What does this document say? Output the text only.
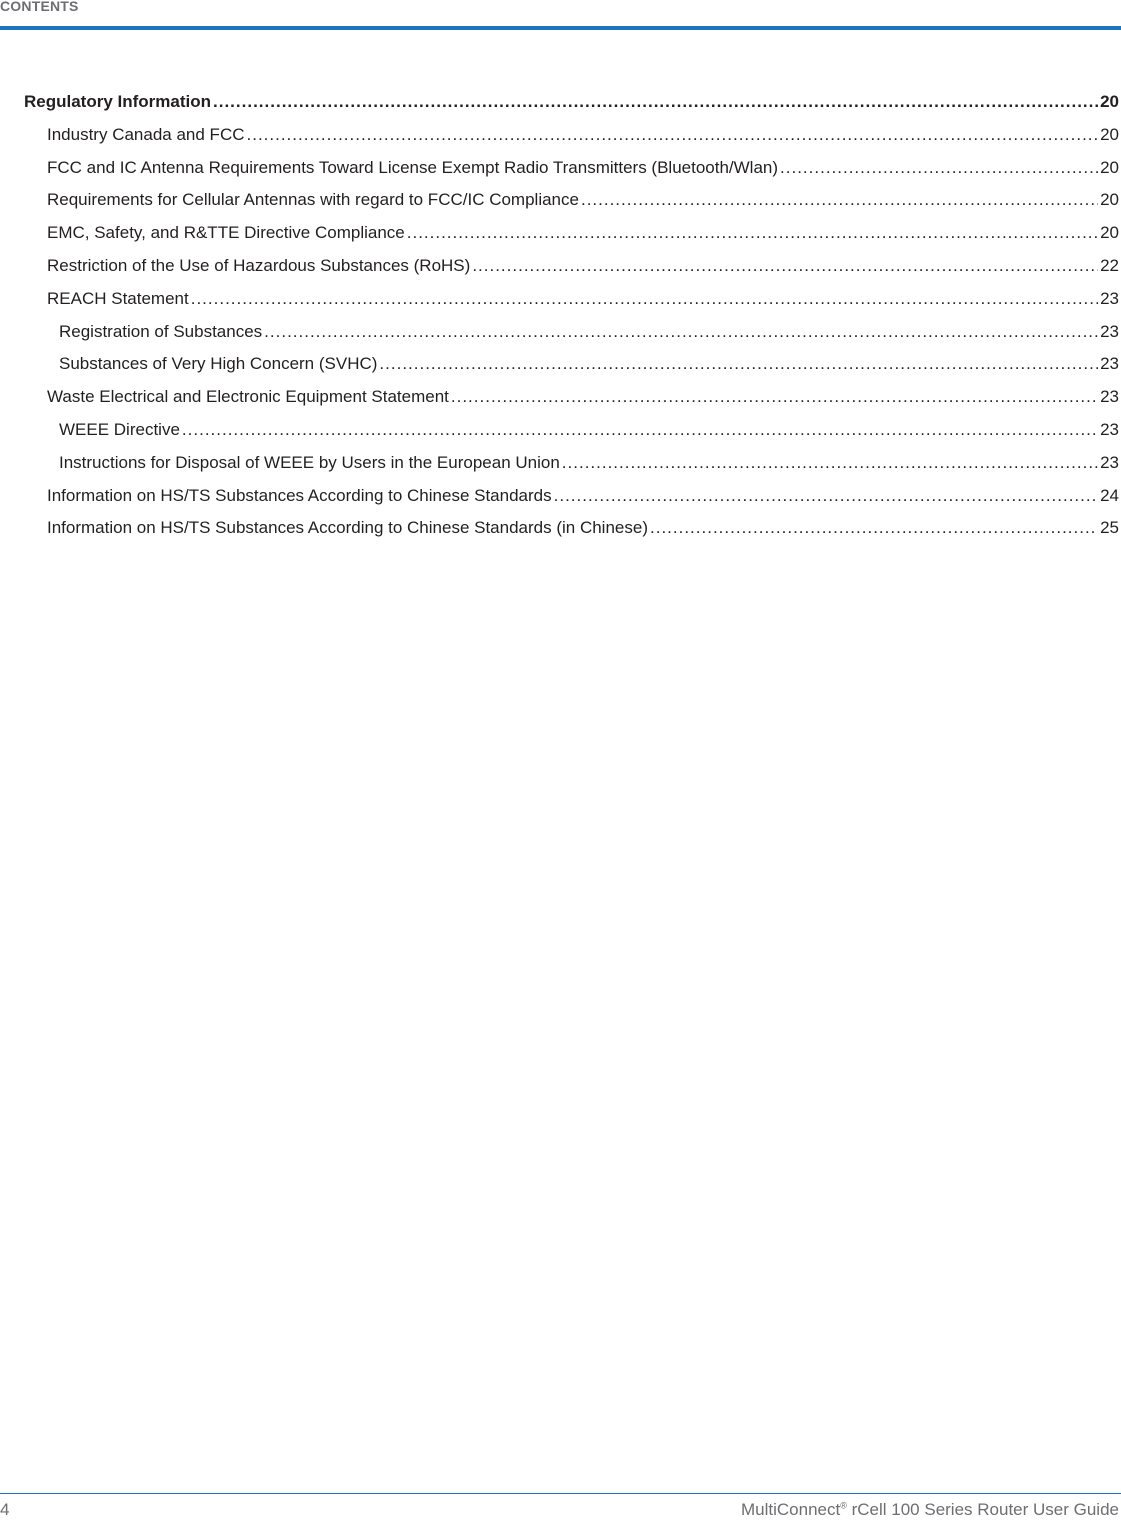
CONTENTS
Regulatory Information .....	20
Industry Canada and FCC .....	20
FCC and IC Antenna Requirements Toward License Exempt Radio Transmitters (Bluetooth/Wlan) .....	20
Requirements for Cellular Antennas with regard to FCC/IC Compliance .....	20
EMC, Safety, and R&TTE Directive Compliance .....	20
Restriction of the Use of Hazardous Substances (RoHS) .....	22
REACH Statement .....	23
Registration of Substances .....	23
Substances of Very High Concern (SVHC) .....	23
Waste Electrical and Electronic Equipment Statement .....	23
WEEE Directive .....	23
Instructions for Disposal of WEEE by Users in the European Union .....	23
Information on HS/TS Substances According to Chinese Standards .....	24
Information on HS/TS Substances According to Chinese Standards (in Chinese) .....	25
4	MultiConnect® rCell 100 Series Router User Guide
